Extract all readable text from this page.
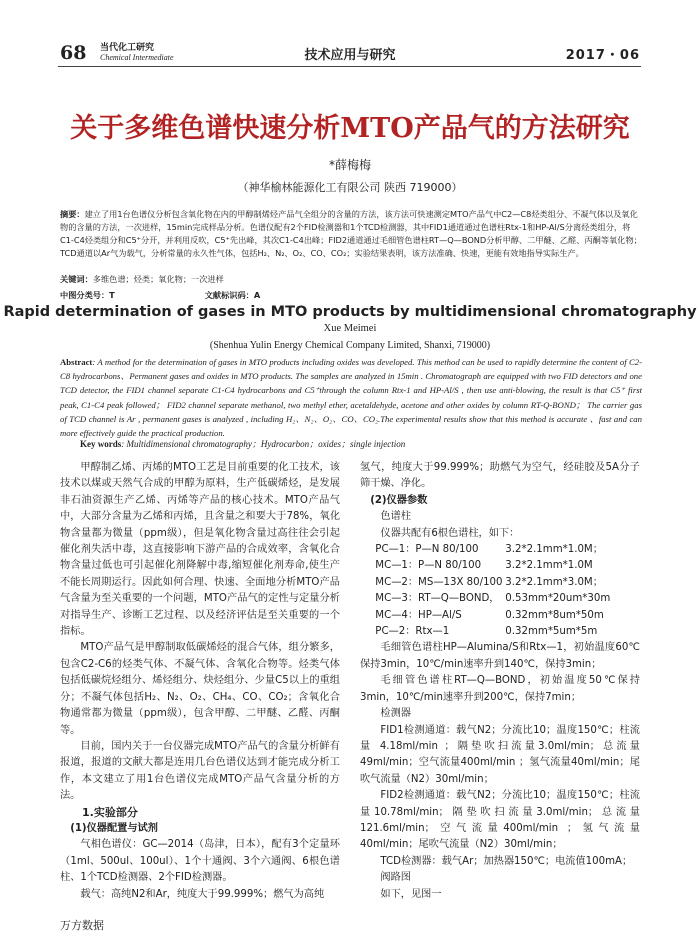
68 当代化工研究
Chemical Intermediate	技术应用与研究	2017・06
关于多维色谱快速分析MTO产品气的方法研究
*薛梅梅
（神华榆林能源化工有限公司 陕西 719000）
摘要：建立了用1台色谱仪分析包含氧化物在内的甲醇制烯烃产品气全组分的含量的方法，该方法可快速测定MTO产品气中C2—C8烃类组分、不凝气体以及氧化物的含量的方法，一次进样，15min完成样品分析。色谱仪配有2个FID检测器和1个TCD检测器，其中FID1通道通过色谱柱Rtx-1和HP-Al/S分离烃类组分，将C1-C4烃类组分和C5⁺分开，并利用反吹，C5⁺先出峰，其次C1-C4出峰；FID2通道通过毛细管色谱柱RT—Q—BOND分析甲醇、二甲醚、乙醛、丙酮等氧化物；TCD通道以Ar气为载气，分析常量的永久性气体，包括H₂、N₂、O₂、CO、CO₂；实验结果表明，该方法准确、快速，更能有效地指导实际生产。
关键词：多维色谱；烃类；氧化物；一次进样
中图分类号：T	文献标识码：A
Rapid determination of gases in MTO products by multidimensional chromatography
Xue Meimei
(Shenhua Yulin Energy Chemical Company Limited, Shanxi, 719000)
Abstract: A method for the determination of gases in MTO products including oxides was developed. This method can be used to rapidly determine the content of C2-C8 hydrocarbons、Permanent gases and oxides in MTO products. The samples are analyzed in 15min . Chromatograph are equipped with two FID detectors and one TCD detector, the FID1 channel separate C1-C4 hydrocarbons and C5⁺through the column Rtx-1 and HP-Al/S , then use anti-blowing, the result is that C5⁺ first peak, C1-C4 peak followed； FID2 channel separate methanol, two methyl ether, acetaldehyde, acetone and other oxides by column RT-Q-BOND； The carrier gas of TCD channel is Ar , permanent gases is analyzed , including H₂、N₂、O₂、CO、CO₂.The experimental results show that this method is accurate 、fast and can more effectively guide the practical production.
Key words: Multidimensional chromatography；Hydrocarbon；oxides；single injection

甲醇制乙烯、丙烯的MTO工艺是目前重要的化工技术，该技术以煤或天然气合成的甲醇为原料，生产低碳烯烃，是发展非石油资源生产乙烯、丙烯等产品的核心技术。MTO产品气中，大部分含量为乙烯和丙烯，且含量之和要大于78%，氧化物含量都为微量（ppm级），但是氧化物含量过高往往会引起催化剂失活中毒，这直接影响下游产品的合成效率，含氧化合物含量过低也可引起催化剂降解中毒,缩短催化剂寿命,使生产不能长周期运行。因此如何合理、快速、全面地分析MTO产品气含量为至关重要的一个问题，MTO产品气的定性与定量分析对指导生产、诊断工艺过程、以及经济评估是至关重要的一个指标。

MTO产品气是甲醇制取低碳烯烃的混合气体，组分繁多，包含C2-C6的烃类气体、不凝气体、含氧化合物等。烃类气体包括低碳烷烃组分、烯烃组分、炔烃组分、少量C5以上的重组分；不凝气体包括H₂、N₂、O₂、CH₄、CO、CO₂；含氧化合物通常都为微量（ppm级），包含甲醇、二甲醚、乙醛、丙酮等。

目前，国内关于一台仪器完成MTO产品气的含量分析鲜有报道，报道的文献大都是连用几台色谱仪达到才能完成分析工作，本文建立了用1台色谱仪完成MTO产品气含量分析的方法。

1.实验部分

(1)仪器配置与试剂

气相色谱仪：GC—2014（岛津，日本），配有3个定量环（1ml、500ul、100ul）、1个十通阀、3个六通阀、6根色谱柱、1个TCD检测器、2个FID检测器。

载气：高纯N2和Ar，纯度大于99.999%；燃气为高纯

氢气，纯度大于99.999%；助燃气为空气，经硅胶及5A分子筛干燥、净化。

(2)仪器参数

色谱柱

仪器共配有6根色谱柱，如下：

PC—1：P—N 80/100	3.2*2.1mm*1.0M；
MC—1：P—N 80/100	3.2*2.1mm*1.0M
MC—2：MS—13X 80/100 3.2*2.1mm*3.0M；
MC—3：RT—Q—BOND， 0.53mm*20um*30m
MC—4：HP—Al/S	0.32mm*8um*50m
PC—2：Rtx—1	0.32mm*5um*5m

毛细管色谱柱HP—Alumina/S和Rtx—1，初始温度60℃保持3min，10℃/min速率升到140℃，保持3min；

毛细管色谱柱RT—Q—BOND，初始温度50℃保持3min，10℃/min速率升到200℃，保持7min；

检测器

FID1检测通道：载气N2；分流比10；温度150℃；柱流量 4.18ml/min ；隔垫吹扫流量3.0ml/min；总流量49ml/min；空气流量400ml/min ；氢气流量40ml/min；尾吹气流量（N2）30ml/min；

FID2检测通道：载气N2；分流比10；温度150℃；柱流量10.78ml/min；隔垫吹扫流量3.0ml/min；总流量121.6ml/min；空气流量400ml/min ；氢气流量40ml/min；尾吹气流量（N2）30ml/min；

TCD检测器：载气Ar；加热器150℃；电流值100mA；

阀路图

如下，见图一

万方数据
